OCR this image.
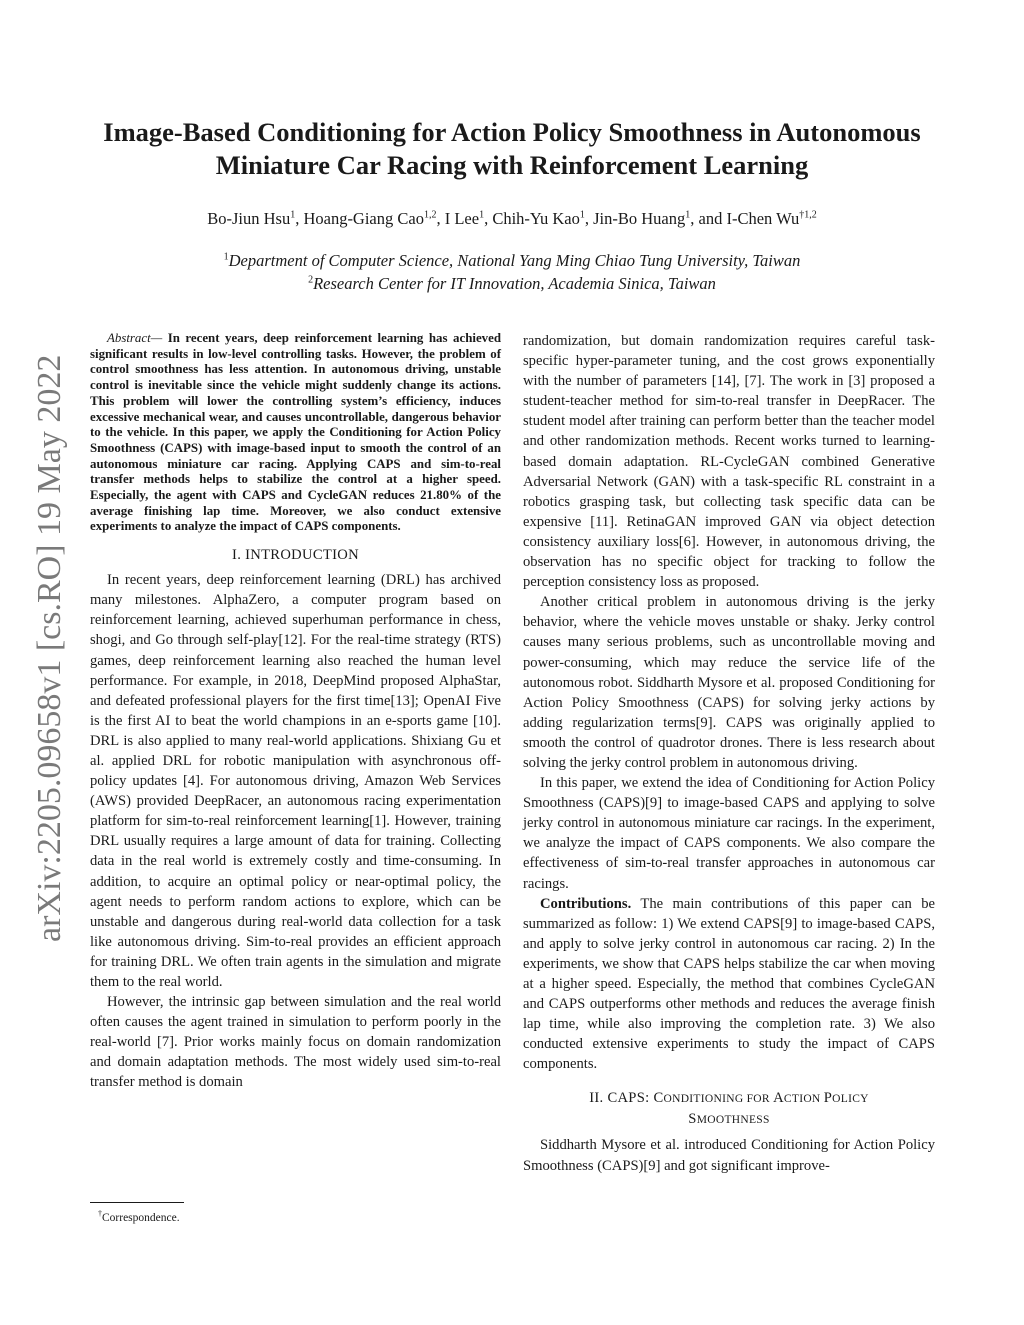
arXiv:2205.09658v1 [cs.RO] 19 May 2022
Image-Based Conditioning for Action Policy Smoothness in Autonomous Miniature Car Racing with Reinforcement Learning
Bo-Jiun Hsu$^1$, Hoang-Giang Cao$^{1,2}$, I Lee$^1$, Chih-Yu Kao$^1$, Jin-Bo Huang$^1$, and I-Chen Wu$^{\dagger 1,2}$
$^1$Department of Computer Science, National Yang Ming Chiao Tung University, Taiwan
$^2$Research Center for IT Innovation, Academia Sinica, Taiwan

Abstract— In recent years, deep reinforcement learning has achieved significant results in low-level controlling tasks. However, the problem of control smoothness has less attention. In autonomous driving, unstable control is inevitable since the vehicle might suddenly change its actions. This problem will lower the controlling system’s efficiency, induces excessive mechanical wear, and causes uncontrollable, dangerous behavior to the vehicle. In this paper, we apply the Conditioning for Action Policy Smoothness (CAPS) with image-based input to smooth the control of an autonomous miniature car racing. Applying CAPS and sim-to-real transfer methods helps to stabilize the control at a higher speed. Especially, the agent with CAPS and CycleGAN reduces 21.80% of the average finishing lap time. Moreover, we also conduct extensive experiments to analyze the impact of CAPS components.

I. INTRODUCTION

In recent years, deep reinforcement learning (DRL) has archived many milestones. AlphaZero, a computer program based on reinforcement learning, achieved superhuman performance in chess, shogi, and Go through self-play[12]. For the real-time strategy (RTS) games, deep reinforcement learning also reached the human level performance. For example, in 2018, DeepMind proposed AlphaStar, and defeated professional players for the first time[13]; OpenAI Five is the first AI to beat the world champions in an e-sports game [10]. DRL is also applied to many real-world applications. Shixiang Gu et al. applied DRL for robotic manipulation with asynchronous off-policy updates [4]. For autonomous driving, Amazon Web Services (AWS) provided DeepRacer, an autonomous racing experimentation platform for sim-to-real reinforcement learning[1]. However, training DRL usually requires a large amount of data for training. Collecting data in the real world is extremely costly and time-consuming. In addition, to acquire an optimal policy or near-optimal policy, the agent needs to perform random actions to explore, which can be unstable and dangerous during real-world data collection for a task like autonomous driving. Sim-to-real provides an efficient approach for training DRL. We often train agents in the simulation and migrate them to the real world.

However, the intrinsic gap between simulation and the real world often causes the agent trained in simulation to perform poorly in the real-world [7]. Prior works mainly focus on domain randomization and domain adaptation methods. The most widely used sim-to-real transfer method is domain

randomization, but domain randomization requires careful task-specific hyper-parameter tuning, and the cost grows exponentially with the number of parameters [14], [7]. The work in [3] proposed a student-teacher method for sim-to-real transfer in DeepRacer. The student model after training can perform better than the teacher model and other randomization methods. Recent works turned to learning-based domain adaptation. RL-CycleGAN combined Generative Adversarial Network (GAN) with a task-specific RL constraint in a robotics grasping task, but collecting task specific data can be expensive [11]. RetinaGAN improved GAN via object detection consistency auxiliary loss[6]. However, in autonomous driving, the observation has no specific object for tracking to follow the perception consistency loss as proposed.

Another critical problem in autonomous driving is the jerky behavior, where the vehicle moves unstable or shaky. Jerky control causes many serious problems, such as uncontrollable moving and power-consuming, which may reduce the service life of the autonomous robot. Siddharth Mysore et al. proposed Conditioning for Action Policy Smoothness (CAPS) for solving jerky actions by adding regularization terms[9]. CAPS was originally applied to smooth the control of quadrotor drones. There is less research about solving the jerky control problem in autonomous driving.

In this paper, we extend the idea of Conditioning for Action Policy Smoothness (CAPS)[9] to image-based CAPS and applying to solve jerky control in autonomous miniature car racings. In the experiment, we analyze the impact of CAPS components. We also compare the effectiveness of sim-to-real transfer approaches in autonomous car racings.

Contributions. The main contributions of this paper can be summarized as follow: 1) We extend CAPS[9] to image-based CAPS, and apply to solve jerky control in autonomous car racing. 2) In the experiments, we show that CAPS helps stabilize the car when moving at a higher speed. Especially, the method that combines CycleGAN and CAPS outperforms other methods and reduces the average finish lap time, while also improving the completion rate. 3) We also conducted extensive experiments to study the impact of CAPS components.

II. CAPS: CONDITIONING FOR ACTION POLICY
SMOOTHNESS

Siddharth Mysore et al. introduced Conditioning for Action Policy Smoothness (CAPS)[9] and got significant improve-

†Correspondence.
